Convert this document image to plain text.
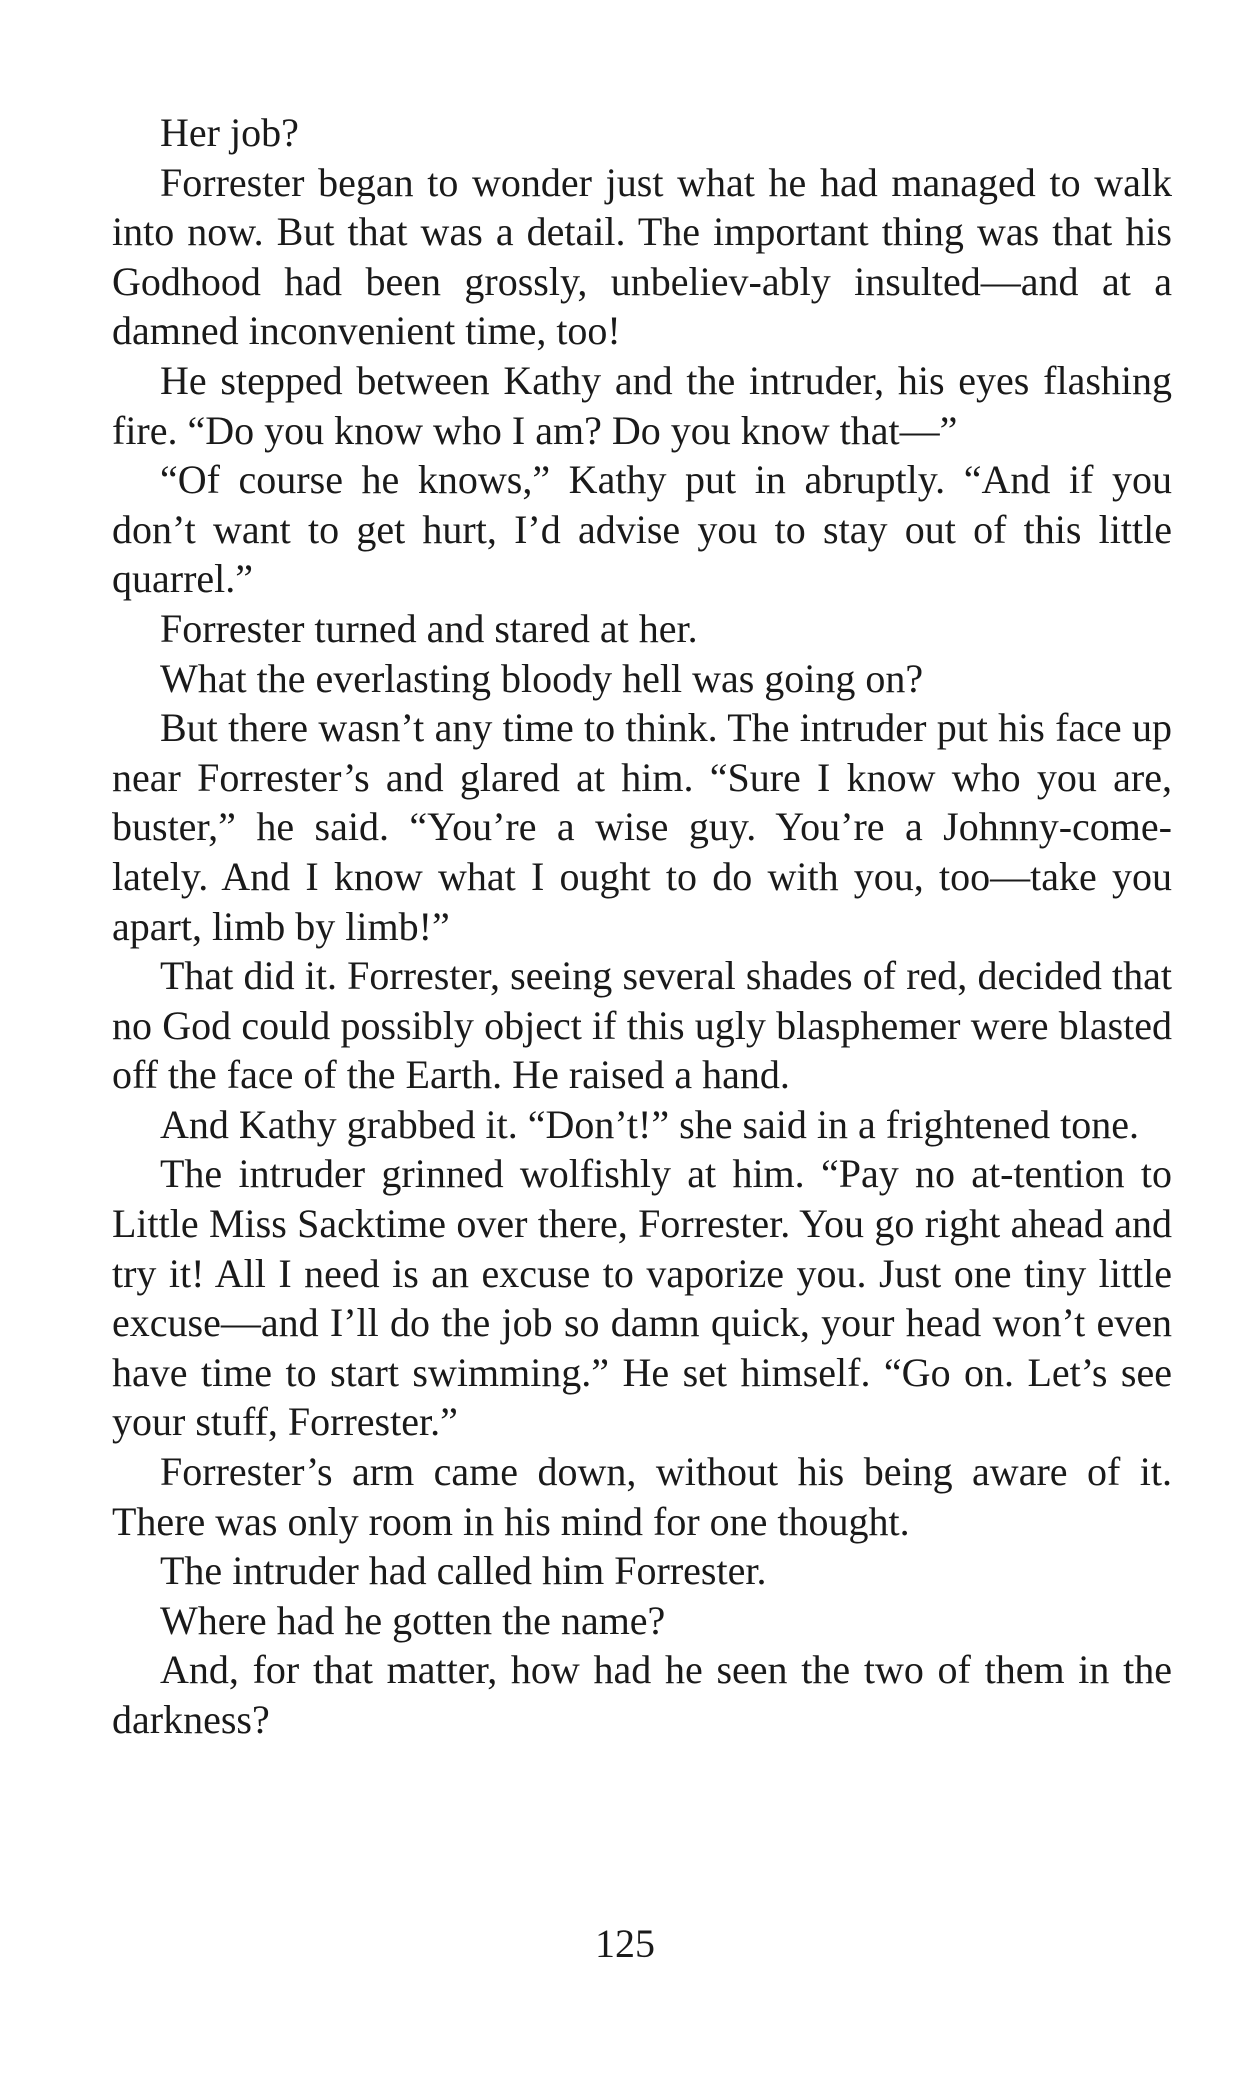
Her job?

Forrester began to wonder just what he had managed to walk into now. But that was a detail. The important thing was that his Godhood had been grossly, unbeliev-ably insulted—and at a damned inconvenient time, too!

He stepped between Kathy and the intruder, his eyes flashing fire. “Do you know who I am? Do you know that—”

“Of course he knows,” Kathy put in abruptly. “And if you don’t want to get hurt, I’d advise you to stay out of this little quarrel.”

Forrester turned and stared at her.

What the everlasting bloody hell was going on?

But there wasn’t any time to think. The intruder put his face up near Forrester’s and glared at him. “Sure I know who you are, buster,” he said. “You’re a wise guy. You’re a Johnny-come-lately. And I know what I ought to do with you, too—take you apart, limb by limb!”

That did it. Forrester, seeing several shades of red, decided that no God could possibly object if this ugly blasphemer were blasted off the face of the Earth. He raised a hand.

And Kathy grabbed it. “Don’t!” she said in a frightened tone.

The intruder grinned wolfishly at him. “Pay no at-tention to Little Miss Sacktime over there, Forrester. You go right ahead and try it! All I need is an excuse to vaporize you. Just one tiny little excuse—and I’ll do the job so damn quick, your head won’t even have time to start swimming.” He set himself. “Go on. Let’s see your stuff, Forrester.”

Forrester’s arm came down, without his being aware of it. There was only room in his mind for one thought.

The intruder had called him Forrester.

Where had he gotten the name?

And, for that matter, how had he seen the two of them in the darkness?

125
